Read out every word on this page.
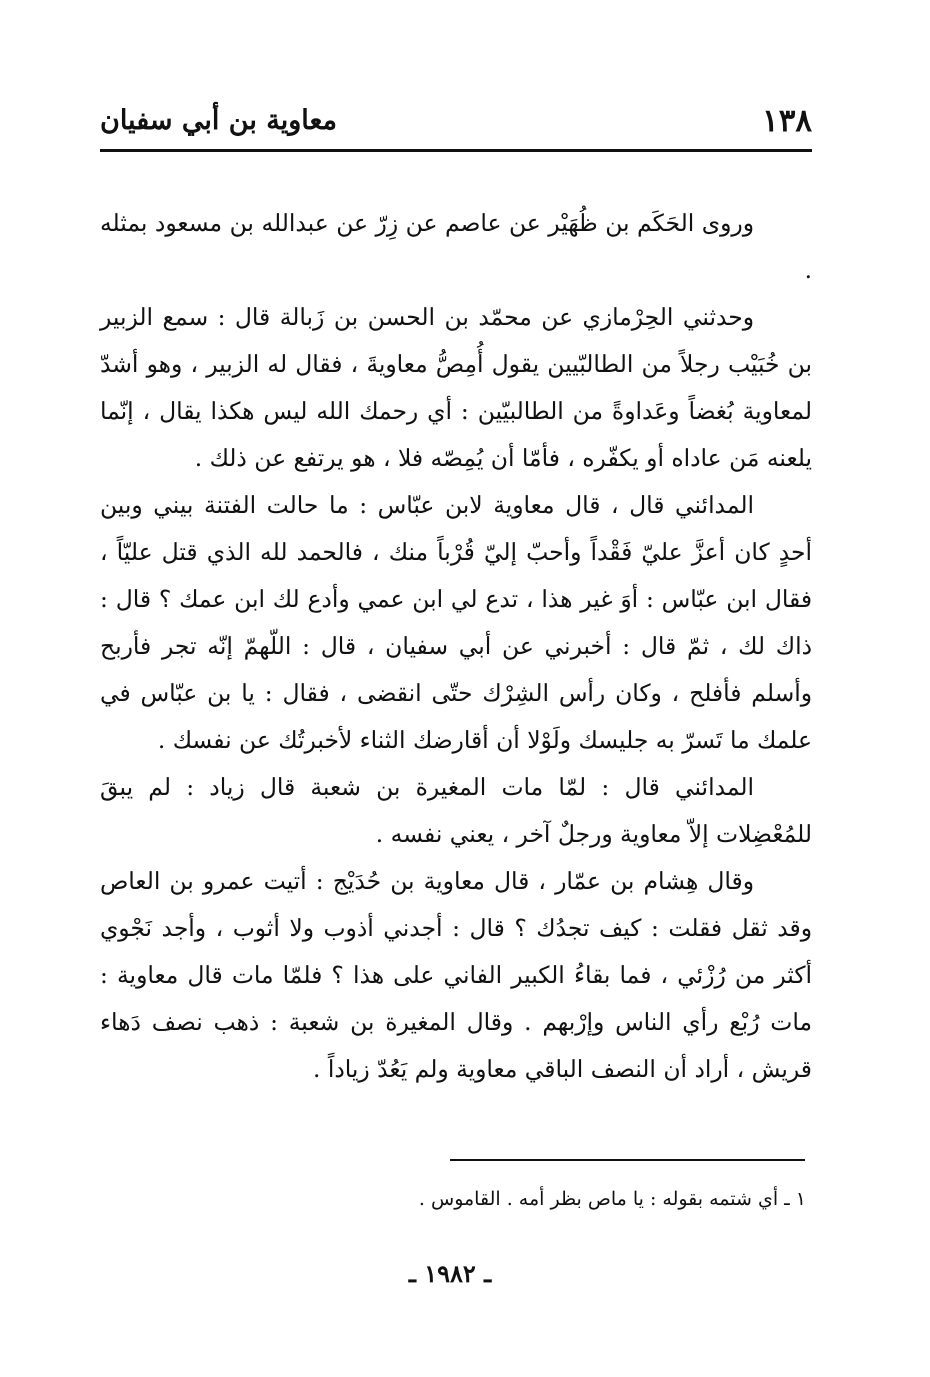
١٣٨
معاوية بن أبي سفيان

وروى الحَكَم بن ظُهَيْر عن عاصم عن زِرّ عن عبدالله بن مسعود بمثله .

وحدثني الحِرْمازي عن محمّد بن الحسن بن زَبالة قال : سمع الزبير بن خُبَيْب رجلاً من الطالبّيين يقول أُمِصُّ معاويةَ ، فقال له الزبير ، وهو أشدّ لمعاوية بُغضاً وعَداوةً من الطالبيّين : أي رحمك الله ليس هكذا يقال ، إنّما يلعنه مَن عاداه أو يكفّره ، فأمّا أن يُمِصّه فلا ، هو يرتفع عن ذلك .

المدائني قال ، قال معاوية لابن عبّاس : ما حالت الفتنة بيني وبين أحدٍ كان أعزَّ عليّ فَقْداً وأحبّ إليّ قُرْباً منك ، فالحمد لله الذي قتل عليّاً ، فقال ابن عبّاس : أوَ غير هذا ، تدع لي ابن عمي وأدع لك ابن عمك ؟ قال : ذاك لك ، ثمّ قال : أخبرني عن أبي سفيان ، قال : اللّهمّ إنّه تجر فأربح وأسلم فأفلح ، وكان رأس الشِرْك حتّى انقضى ، فقال : يا بن عبّاس في علمك ما تَسرّ به جليسك ولَوْلا أن أقارضك الثناء لأخبرتُك عن نفسك .

المدائني قال : لمّا مات المغيرة بن شعبة قال زياد : لم يبقَ للمُعْضِلات إلاّ معاوية ورجلٌ آخر ، يعني نفسه .

وقال هِشام بن عمّار ، قال معاوية بن حُدَيْج : أتيت عمرو بن العاص وقد ثقل فقلت : كيف تجدُك ؟ قال : أجدني أذوب ولا أثوب ، وأجد نَجْوي أكثر من رُزْئي ، فما بقاءُ الكبير الفاني على هذا ؟ فلمّا مات قال معاوية : مات رُبْع رأي الناس وإرْبهم . وقال المغيرة بن شعبة : ذهب نصف دَهاء قريش ، أراد أن النصف الباقي معاوية ولم يَعُدّ زياداً .

١ ـ أي شتمه بقوله : يا ماص بظر أمه . القاموس .
ـ ١٩٨٢ ـ
